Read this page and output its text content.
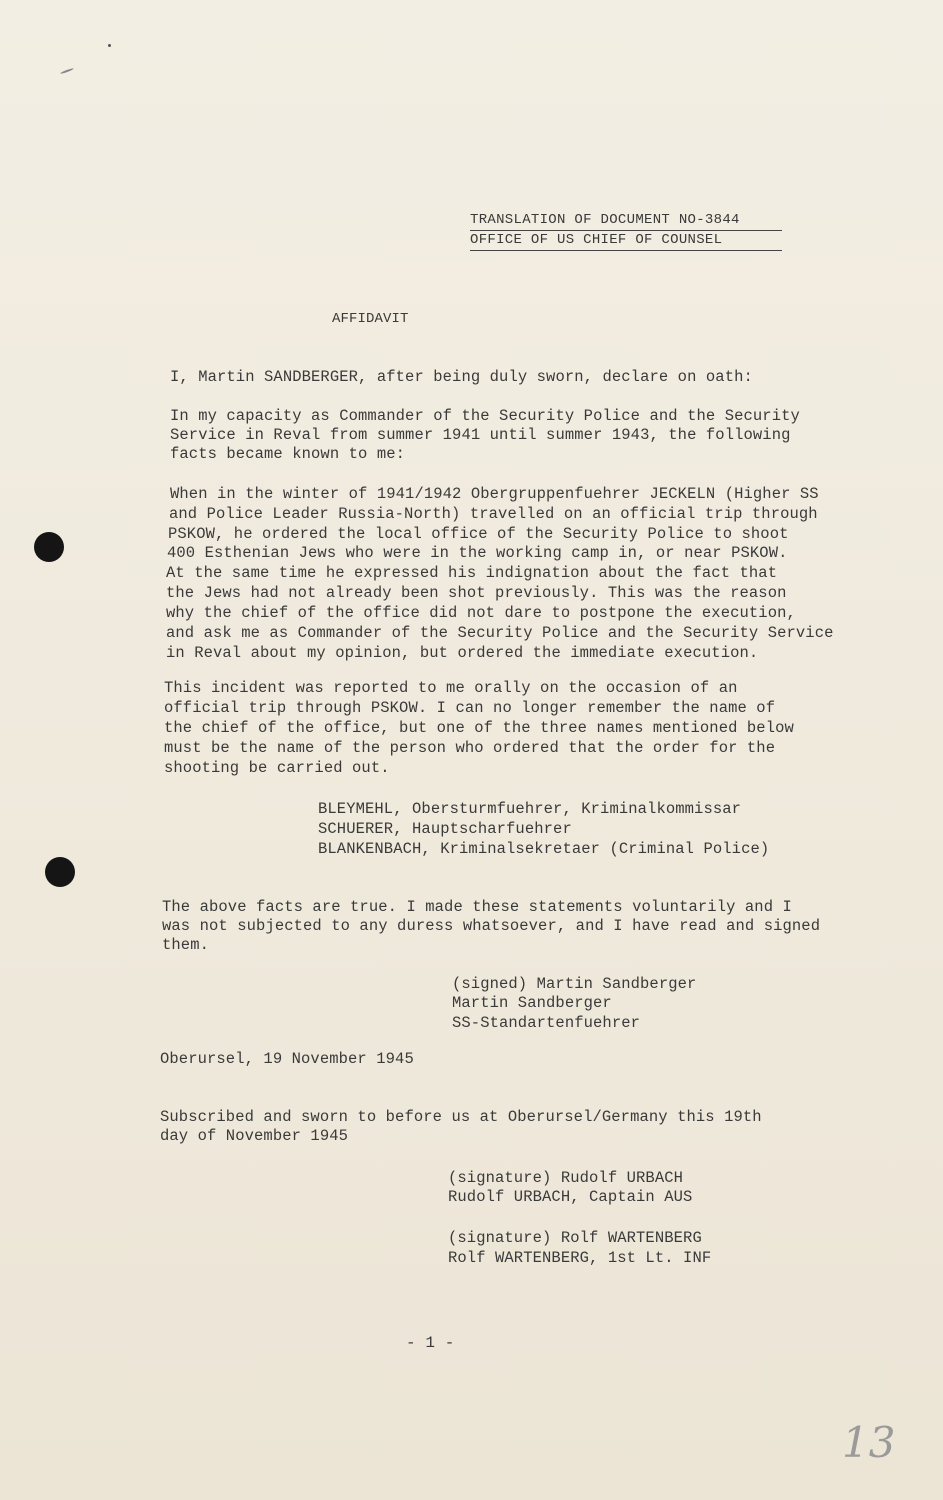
TRANSLATION OF DOCUMENT NO-3844
OFFICE OF US CHIEF OF COUNSEL
AFFIDAVIT
I, Martin SANDBERGER, after being duly sworn, declare on oath:
In my capacity as Commander of the Security Police and the Security
Service in Reval from summer 1941 until summer 1943, the following
facts became known to me:
When in the winter of 1941/1942 Obergruppenfuehrer JECKELN (Higher SS
and Police Leader Russia-North) travelled on an official trip through
PSKOW, he ordered the local office of the Security Police to shoot
400 Esthenian Jews who were in the working camp in, or near PSKOW.
At the same time he expressed his indignation about the fact that
the Jews had not already been shot previously. This was the reason
why the chief of the office did not dare to postpone the execution,
and ask me as Commander of the Security Police and the Security Service
in Reval about my opinion, but ordered the immediate execution.
This incident was reported to me orally on the occasion of an
official trip through PSKOW. I can no longer remember the name of
the chief of the office, but one of the three names mentioned below
must be the name of the person who ordered that the order for the
shooting be carried out.
BLEYMEHL, Obersturmfuehrer, Kriminalkommissar
SCHUERER, Hauptscharfuehrer
BLANKENBACH, Kriminalsekretaer (Criminal Police)
The above facts are true. I made these statements voluntarily and I
was not subjected to any duress whatsoever, and I have read and signed
them.
(signed) Martin Sandberger
Martin Sandberger
SS-Standartenfuehrer
Oberursel, 19 November 1945
Subscribed and sworn to before us at Oberursel/Germany this 19th
day of November 1945
(signature) Rudolf URBACH
Rudolf URBACH, Captain AUS
(signature) Rolf WARTENBERG
Rolf WARTENBERG, 1st Lt. INF
- 1 -
13
